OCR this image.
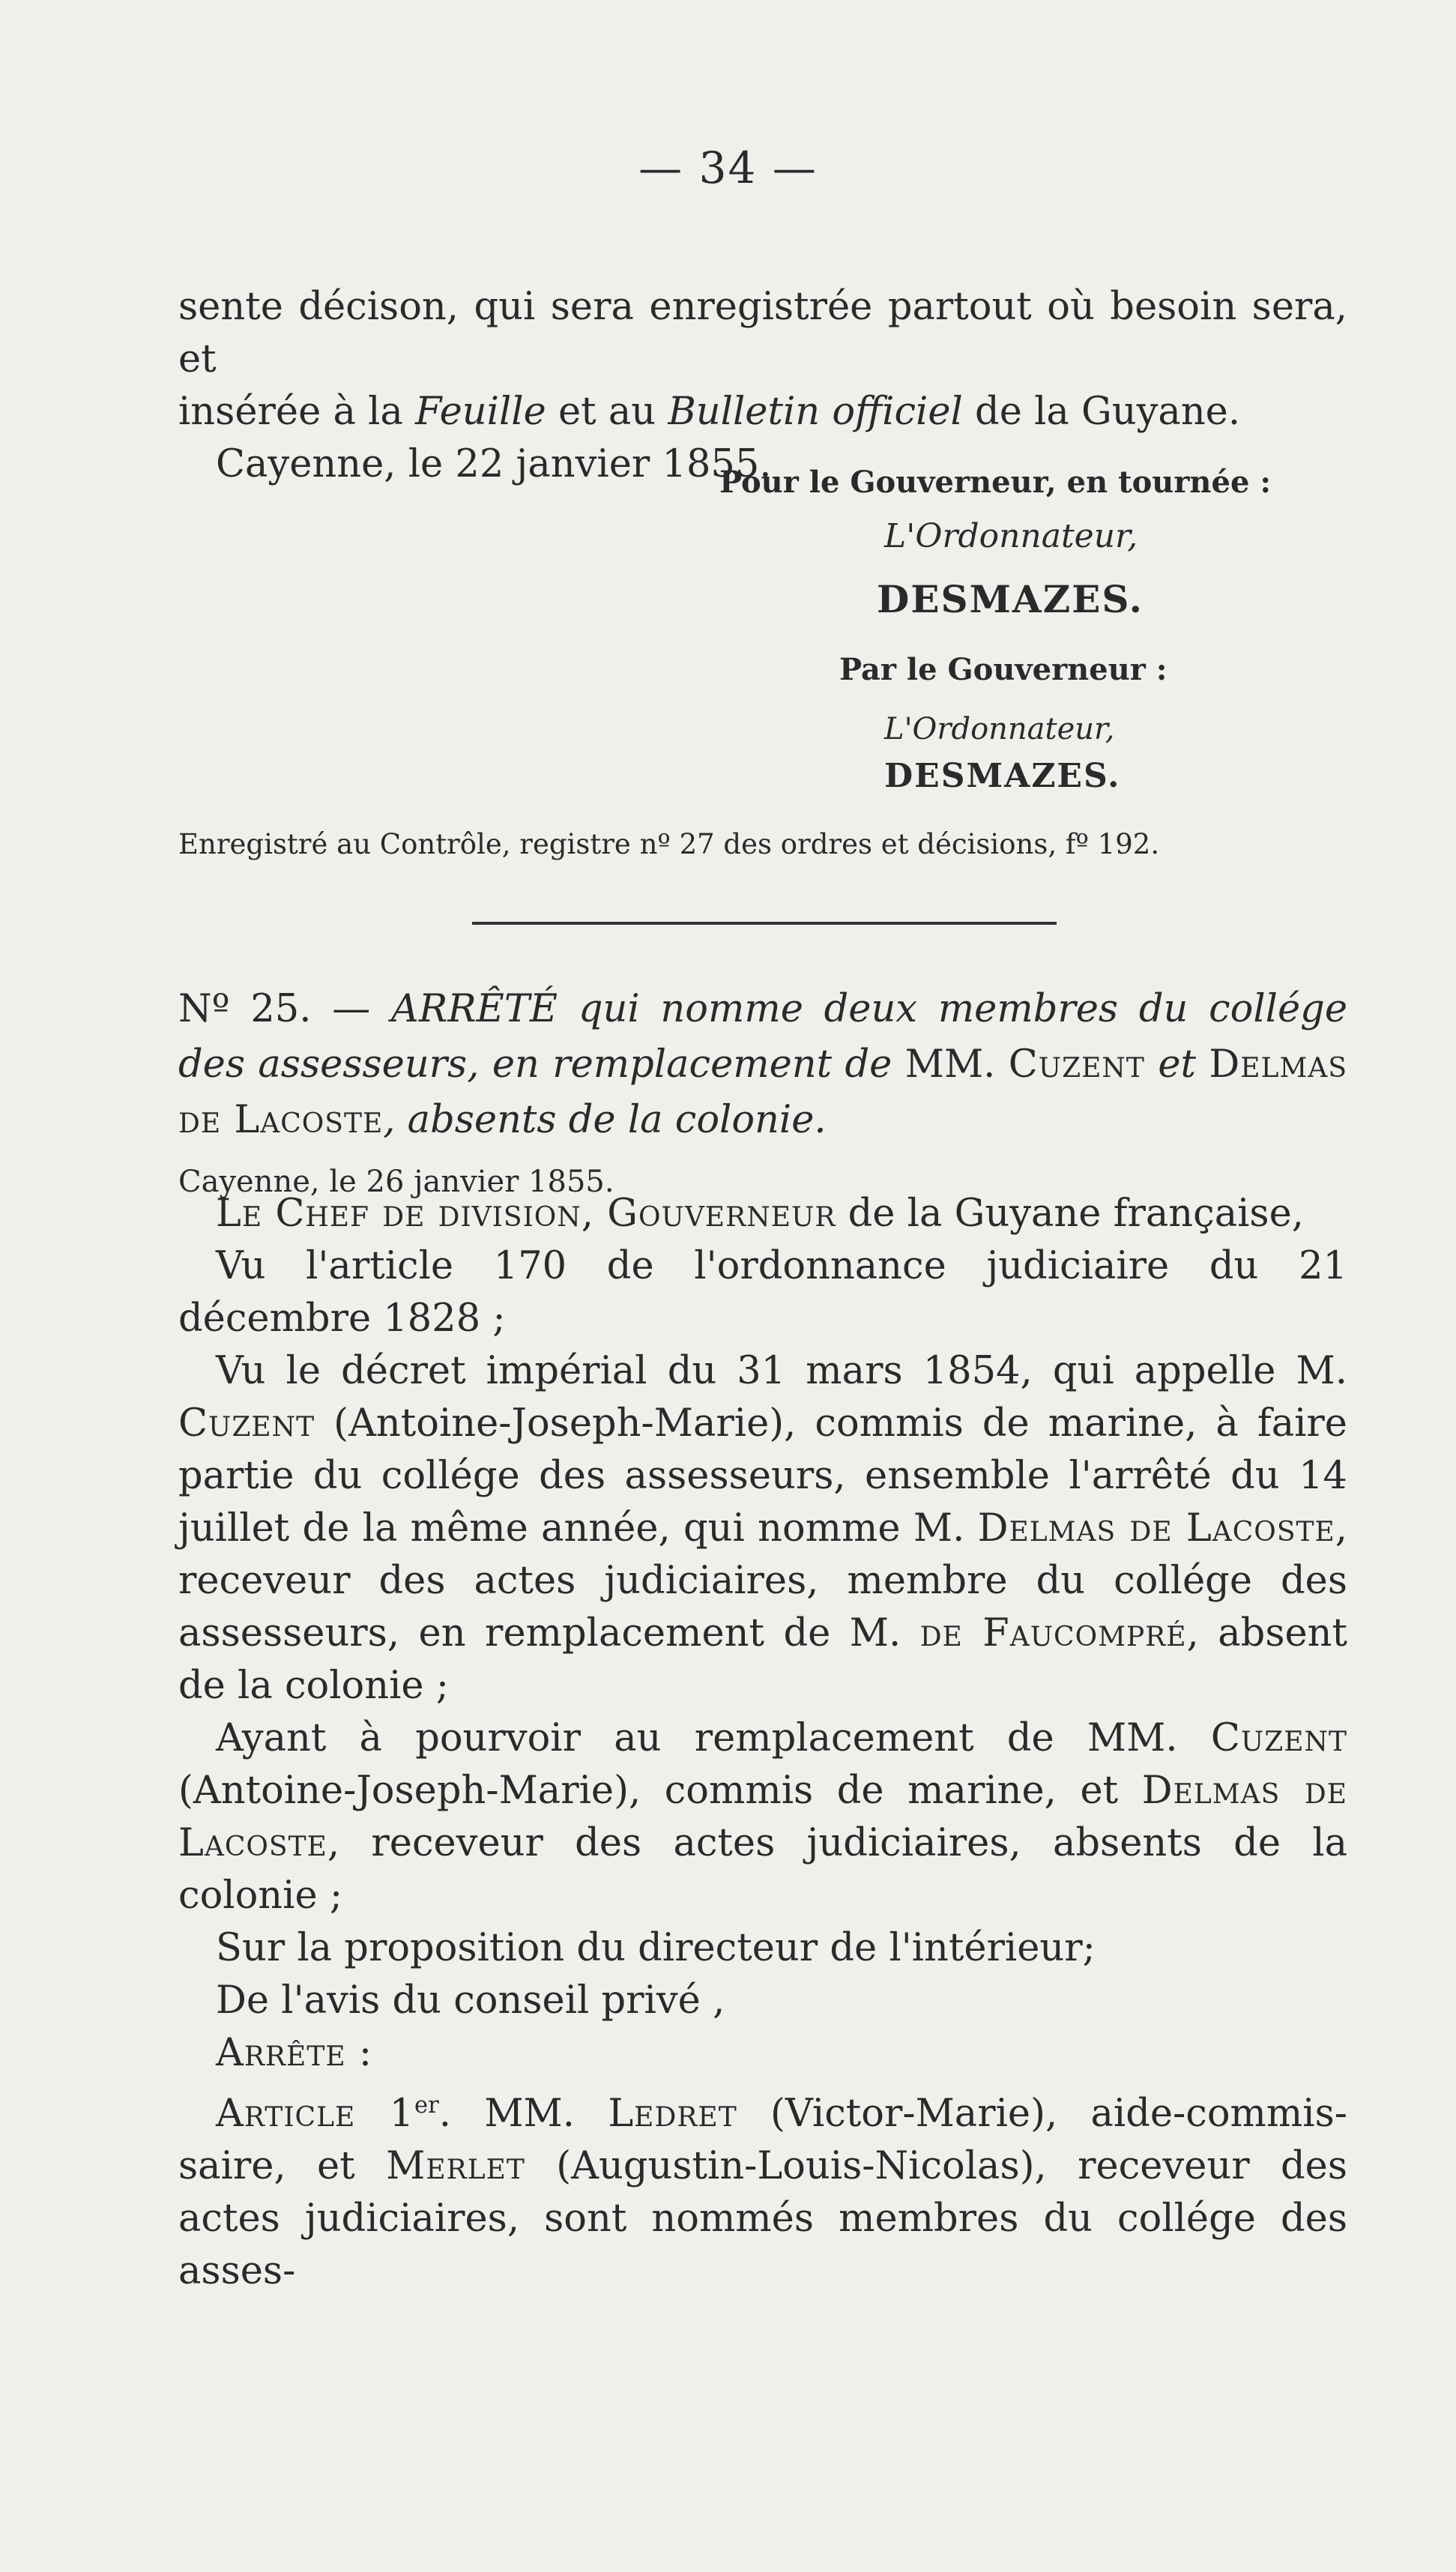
— 34 —

sente décison, qui sera enregistrée partout où besoin sera, et

insérée à la Feuille et au Bulletin officiel de la Guyane.

Cayenne, le 22 janvier 1855.

Pour le Gouverneur, en tournée :
L'Ordonnateur,
DESMAZES.
Par le Gouverneur :
L'Ordonnateur,
DESMAZES.
Enregistré au Contrôle, registre nº 27 des ordres et décisions, fº 192.

Nº 25. — ARRÊTÉ qui nomme deux membres du collége des assesseurs, en remplacement de MM. Cuzent et Delmas de Lacoste, absents de la colonie.

Cayenne, le 26 janvier 1855.

Le Chef de division, Gouverneur de la Guyane française,

Vu l'article 170 de l'ordonnance judiciaire du 21 décembre 1828 ;

Vu le décret impérial du 31 mars 1854, qui appelle M. Cuzent (Antoine-Joseph-Marie), commis de marine, à faire partie du collége des assesseurs, ensemble l'arrêté du 14 juillet de la même année, qui nomme M. Delmas de Lacoste, receveur des actes judiciaires, membre du collége des assesseurs, en remplacement de M. de Faucompré, absent de la colonie ;

Ayant à pourvoir au remplacement de MM. Cuzent (Antoine-Joseph-Marie), commis de marine, et Delmas de Lacoste, receveur des actes judiciaires, absents de la colonie ;

Sur la proposition du directeur de l'intérieur;

De l'avis du conseil privé ,

Arrête :

Article 1er. MM. Ledret (Victor-Marie), aide-commis-saire, et Merlet (Augustin-Louis-Nicolas), receveur des actes judiciaires, sont nommés membres du collége des asses-
